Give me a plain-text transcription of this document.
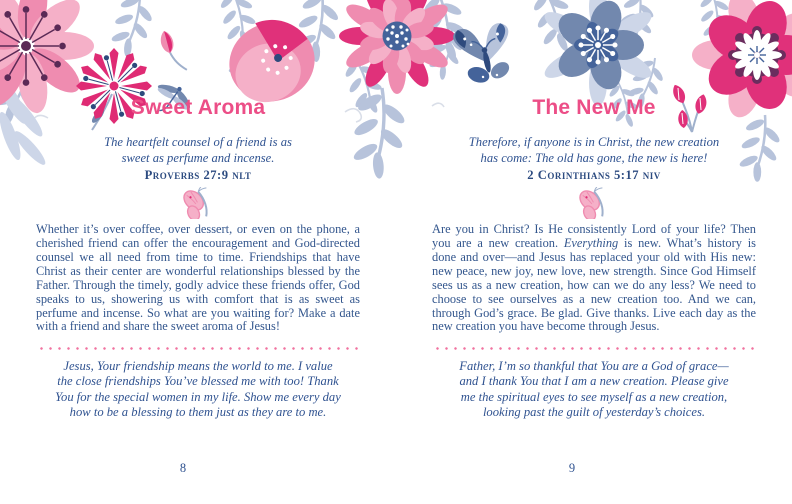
Sweet Aroma
The heartfelt counsel of a friend is as
sweet as perfume and incense.
Proverbs 27:9 nlt

Whether it’s over coffee, over dessert, or even on the phone, a cherished friend can offer the encouragement and God-directed counsel we all need from time to time. Friendships that have Christ as their center are wonderful relationships blessed by the Father. Through the timely, godly advice these friends offer, God speaks to us, showering us with comfort that is as sweet as perfume and incense. So what are you waiting for? Make a date with a friend and share the sweet aroma of Jesus!

Jesus, Your friendship means the world to me. I value
the close friendships You’ve blessed me with too! Thank
You for the special women in my life. Show me every day
how to be a blessing to them just as they are to me.
8
The New Me
Therefore, if anyone is in Christ, the new creation
has come: The old has gone, the new is here!
2 Corinthians 5:17 niv

Are you in Christ? Is He consistently Lord of your life? Then you are a new creation. Everything is new. What’s history is done and over—and Jesus has replaced your old with His new: new peace, new joy, new love, new strength. Since God Himself sees us as a new creation, how can we do any less? We need to choose to see ourselves as a new creation too. And we can, through God’s grace. Be glad. Give thanks. Live each day as the new creation you have become through Jesus.

Father, I’m so thankful that You are a God of grace—
and I thank You that I am a new creation. Please give
me the spiritual eyes to see myself as a new creation,
looking past the guilt of yesterday’s choices.
9
